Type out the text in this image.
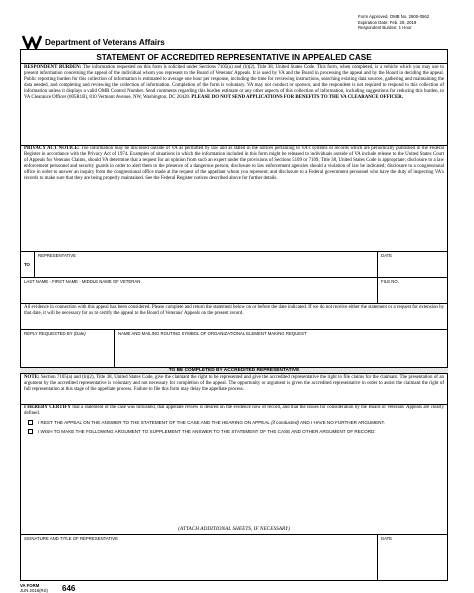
Form Approved, OMB No. 2900-0562
Expiration Date: Feb. 28, 2019
Respondent Burden: 1 Hour
Department of Veterans Affairs
STATEMENT OF ACCREDITED REPRESENTATIVE IN APPEALED CASE
RESPONDENT BURDEN: The information requested on this form is solicited under Sections 7105(a) and (b)(2), Title 38, United States Code. This form, when completed, is a vehicle which you may use to present information concerning the appeal of the individual whom you represent to the Board of Veterans' Appeals. It is used by VA and the Board in processing the appeal and by the Board in deciding the appeal. Public reporting burden for this collection of information is estimated to average one hour per response, including the time for reviewing instructions, searching existing data sources, gathering and maintaining the data needed, and completing and reviewing the collection of information. Completion of the form is voluntary. VA may not conduct or sponsor, and the respondent is not required to respond to this collection of information unless it displays a valid OMB Control Number. Send comments regarding this burden estimate or any other aspects of this collection of information, including suggestions for reducing this burden, to VA Clearance Officer (005R1B), 810 Vermont Avenue, NW, Washington, DC 20420. PLEASE DO NOT SEND APPLICATIONS FOR BENEFITS TO THE VA CLEARANCE OFFICER.
PRIVACY ACT NOTICE: The information may be disclosed outside of VA as permitted by law and as stated in the notices pertaining to VA's systems of records which are periodically published in the Federal Register in accordance with the Privacy Act of 1974. Examples of situations in which the information included in this form might be released to individuals outside of VA include release to the United States Court of Appeals for Veterans Claims, should VA determine that a request for an opinion from such an expert under the provisions of Sections 5109 or 7109, Title 38, United States Code is appropriate; disclosure to a law enforcement personnel and security guards in order to alert them to the presence of a dangerous person; disclosure to law enforcement agencies should a violation of law be indicated; disclosure to a congressional office in order to answer an inquiry from the congressional office made at the request of the appellant whom you represent; and disclosure to a Federal government personnel who have the duty of inspecting VA's records to make sure that they are being properly maintained. See the Federal Register notices described above for further details.
TO
REPRESENTATIVE	DATE
LAST NAME - FIRST NAME - MIDDLE NAME OF VETERAN	FILE NO.
All evidence in connection with this appeal has been considered. Please complete and return the statement below on or before the date indicated. If we do not receive either the statement or a request for extension by that date, it will be necessary for us to certify the appeal to the Board of Veterans' Appeals on the present record.
REPLY REQUESTED BY (Date)	NAME AND MAILING ROUTING SYMBOL OF ORGANIZATIONAL ELEMENT MAKING REQUEST
TO BE COMPLETED BY ACCREDITED REPRESENTATIVE
NOTE: Section 7105(a) and (b)(2), Title 38, United States Code, give the claimant the right to be represented and give the accredited representative the right to file claims for the claimant. The presentation of an argument by the accredited representative is voluntary and not necessary for completion of the appeal. The opportunity or argument is given the accredited representative in order to assist the claimant the right of full representation at this stage of the appellate process. Failure to file this form may delay the appellate process.
I HEREBY CERTIFY that a statement of the case was furnished, that appellate review is desired on the evidence now of record, and that the issues for consideration by the Board of Veterans' Appeals are clearly defined.
I REST THE APPEAL ON THE ANSWER TO THE STATEMENT OF THE CASE AND THE HEARING ON APPEAL (if conducted) AND I HAVE NO FURTHER ARGUMENT.
I WISH TO MAKE THE FOLLOWING ARGUMENT TO SUPPLEMENT THE ANSWER TO THE STATEMENT OF THE CASE AND OTHER ARGUMENT OF RECORD:
(ATTACH ADDITIONAL SHEETS, IF NECESSARY)
SIGNATURE AND TITLE OF REPRESENTATIVE	DATE
VA FORM
JUN 2016(RS) 646
